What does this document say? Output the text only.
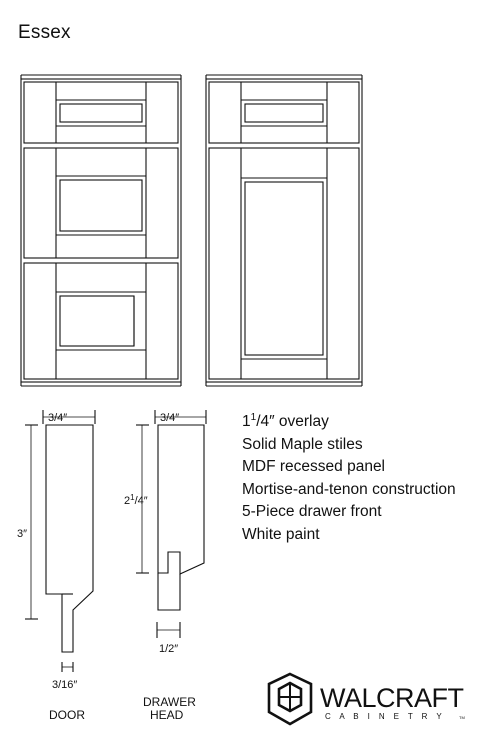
Essex
3/4″
3″
3/16″
DOOR
3/4″
$2^1/4''$
1/2″
DRAWER
HEAD
WALCRAFT
C A B I N E T R Y	TM
$1^1/4''$ overlay
Solid Maple stiles
MDF recessed panel
Mortise-and-tenon construction
5-Piece drawer front
White paint
